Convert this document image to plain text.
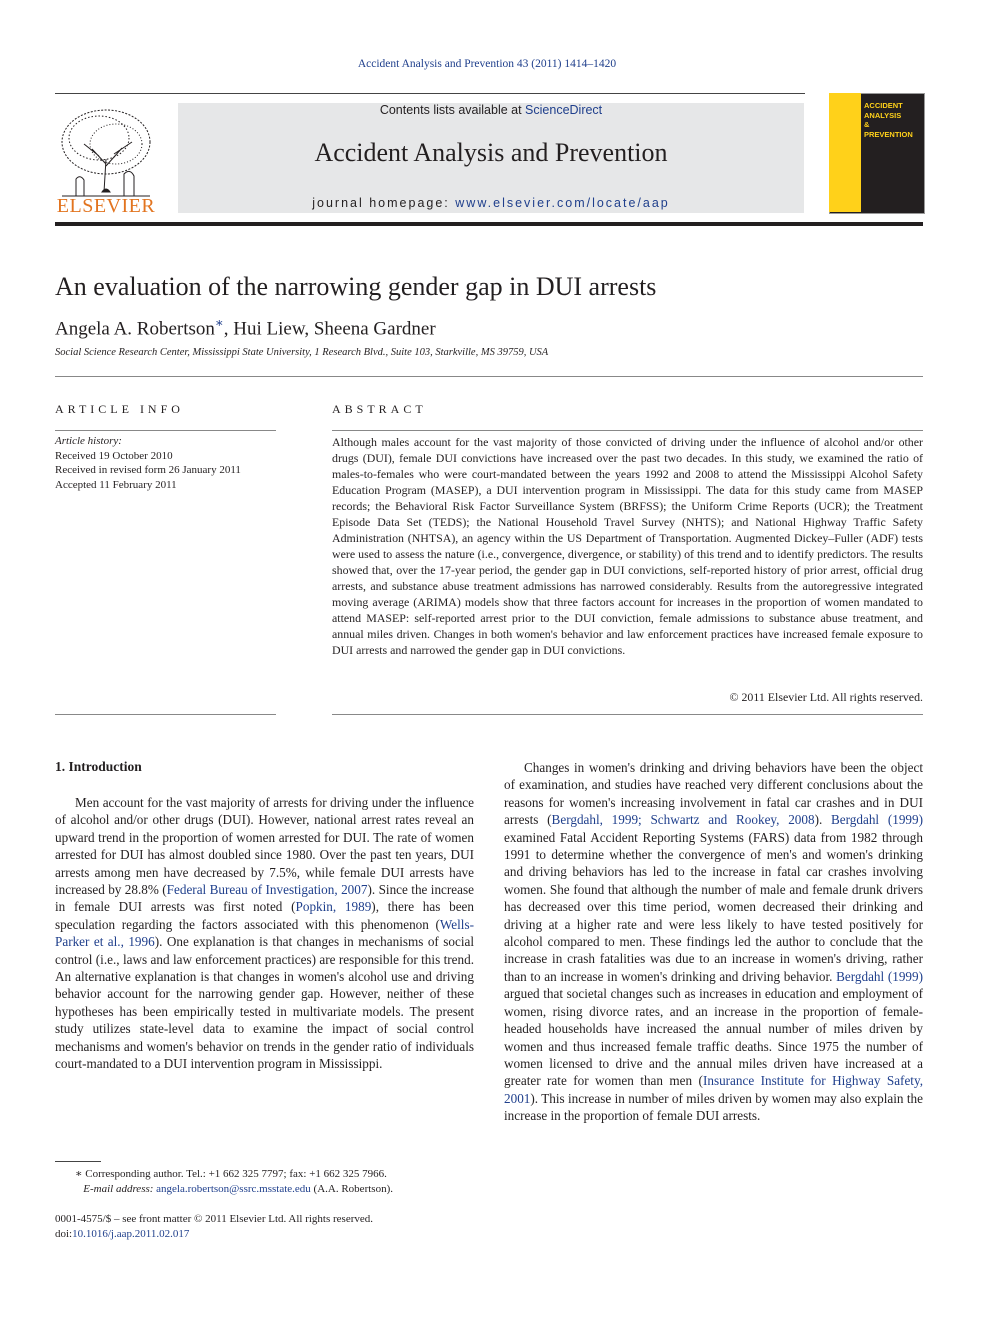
Accident Analysis and Prevention 43 (2011) 1414–1420
ELSEVIER
Contents lists available at ScienceDirect
Accident Analysis and Prevention
journal homepage: www.elsevier.com/locate/aap
ACCIDENT
ANALYSIS
&
PREVENTION
An evaluation of the narrowing gender gap in DUI arrests
Angela A. Robertson∗, Hui Liew, Sheena Gardner
Social Science Research Center, Mississippi State University, 1 Research Blvd., Suite 103, Starkville, MS 39759, USA
ARTICLE INFO
Article history:
Received 19 October 2010
Received in revised form 26 January 2011
Accepted 11 February 2011
ABSTRACT
Although males account for the vast majority of those convicted of driving under the influence of alcohol and/or other drugs (DUI), female DUI convictions have increased over the past two decades. In this study, we examined the ratio of males-to-females who were court-mandated between the years 1992 and 2008 to attend the Mississippi Alcohol Safety Education Program (MASEP), a DUI intervention program in Mississippi. The data for this study came from MASEP records; the Behavioral Risk Factor Surveillance System (BRFSS); the Uniform Crime Reports (UCR); the Treatment Episode Data Set (TEDS); the National Household Travel Survey (NHTS); and National Highway Traffic Safety Administration (NHTSA), an agency within the US Department of Transportation. Augmented Dickey–Fuller (ADF) tests were used to assess the nature (i.e., convergence, divergence, or stability) of this trend and to identify predictors. The results showed that, over the 17-year period, the gender gap in DUI convictions, self-reported history of prior arrest, official drug arrests, and substance abuse treatment admissions has narrowed considerably. Results from the autoregressive integrated moving average (ARIMA) models show that three factors account for increases in the proportion of women mandated to attend MASEP: self-reported arrest prior to the DUI conviction, female admissions to substance abuse treatment, and annual miles driven. Changes in both women's behavior and law enforcement practices have increased female exposure to DUI arrests and narrowed the gender gap in DUI convictions.
© 2011 Elsevier Ltd. All rights reserved.
1. Introduction

Men account for the vast majority of arrests for driving under the influence of alcohol and/or other drugs (DUI). However, national arrest rates reveal an upward trend in the proportion of women arrested for DUI. The rate of women arrested for DUI has almost doubled since 1980. Over the past ten years, DUI arrests among men have decreased by 7.5%, while female DUI arrests have increased by 28.8% (Federal Bureau of Investigation, 2007). Since the increase in female DUI arrests was first noted (Popkin, 1989), there has been speculation regarding the factors associated with this phenomenon (Wells-Parker et al., 1996). One explanation is that changes in mechanisms of social control (i.e., laws and law enforcement practices) are responsible for this trend. An alternative explanation is that changes in women's alcohol use and driving behavior account for the narrowing gender gap. However, neither of these hypotheses has been empirically tested in multivariate models. The present study utilizes state-level data to examine the impact of social control mechanisms and women's behavior on trends in the gender ratio of individuals court-mandated to a DUI intervention program in Mississippi.

Changes in women's drinking and driving behaviors have been the object of examination, and studies have reached very different conclusions about the reasons for women's increasing involvement in fatal car crashes and in DUI arrests (Bergdahl, 1999; Schwartz and Rookey, 2008). Bergdahl (1999) examined Fatal Accident Reporting Systems (FARS) data from 1982 through 1991 to determine whether the convergence of men's and women's drinking and driving behaviors has led to the increase in fatal car crashes involving women. She found that although the number of male and female drunk drivers has decreased over this time period, women decreased their drinking and driving at a higher rate and were less likely to have tested positively for alcohol compared to men. These findings led the author to conclude that the increase in crash fatalities was due to an increase in women's driving, rather than to an increase in women's drinking and driving behavior. Bergdahl (1999) argued that societal changes such as increases in education and employment of women, rising divorce rates, and an increase in the proportion of female-headed households have increased the annual number of miles driven by women and thus increased female traffic deaths. Since 1975 the number of women licensed to drive and the annual miles driven have increased at a greater rate for women than men (Insurance Institute for Highway Safety, 2001). This increase in number of miles driven by women may also explain the increase in the proportion of female DUI arrests.

∗ Corresponding author. Tel.: +1 662 325 7797; fax: +1 662 325 7966.
E-mail address: angela.robertson@ssrc.msstate.edu (A.A. Robertson).
0001-4575/$ – see front matter © 2011 Elsevier Ltd. All rights reserved.
doi:10.1016/j.aap.2011.02.017
